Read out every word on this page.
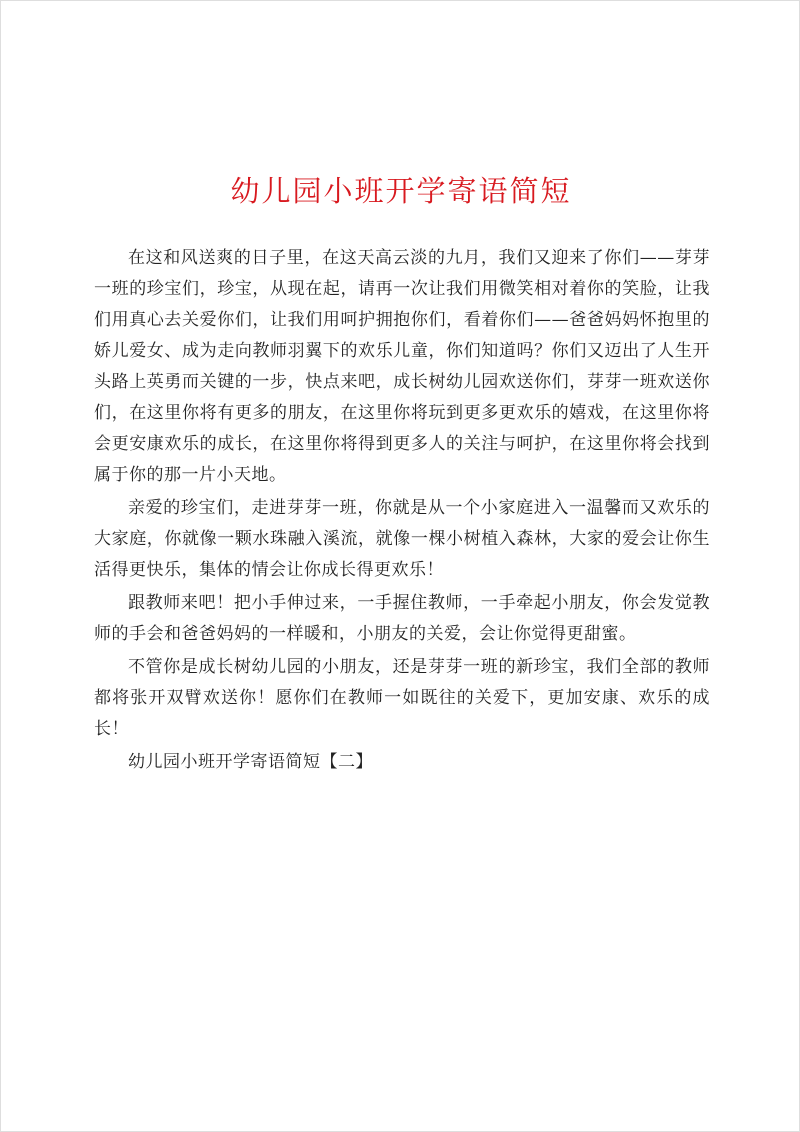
幼儿园小班开学寄语简短

在这和风送爽的日子里，在这天高云淡的九月，我们又迎来了你们——芽芽一班的珍宝们，珍宝，从现在起，请再一次让我们用微笑相对着你的笑脸，让我们用真心去关爱你们，让我们用呵护拥抱你们，看着你们——爸爸妈妈怀抱里的娇儿爱女、成为走向教师羽翼下的欢乐儿童，你们知道吗？你们又迈出了人生开头路上英勇而关键的一步，快点来吧，成长树幼儿园欢送你们，芽芽一班欢送你们，在这里你将有更多的朋友，在这里你将玩到更多更欢乐的嬉戏，在这里你将会更安康欢乐的成长，在这里你将得到更多人的关注与呵护，在这里你将会找到属于你的那一片小天地。

亲爱的珍宝们，走进芽芽一班，你就是从一个小家庭进入一温馨而又欢乐的大家庭，你就像一颗水珠融入溪流，就像一棵小树植入森林，大家的爱会让你生活得更快乐，集体的情会让你成长得更欢乐！

跟教师来吧！把小手伸过来，一手握住教师，一手牵起小朋友，你会发觉教师的手会和爸爸妈妈的一样暖和，小朋友的关爱，会让你觉得更甜蜜。

不管你是成长树幼儿园的小朋友，还是芽芽一班的新珍宝，我们全部的教师都将张开双臂欢送你！愿你们在教师一如既往的关爱下，更加安康、欢乐的成长！

幼儿园小班开学寄语简短【二】
